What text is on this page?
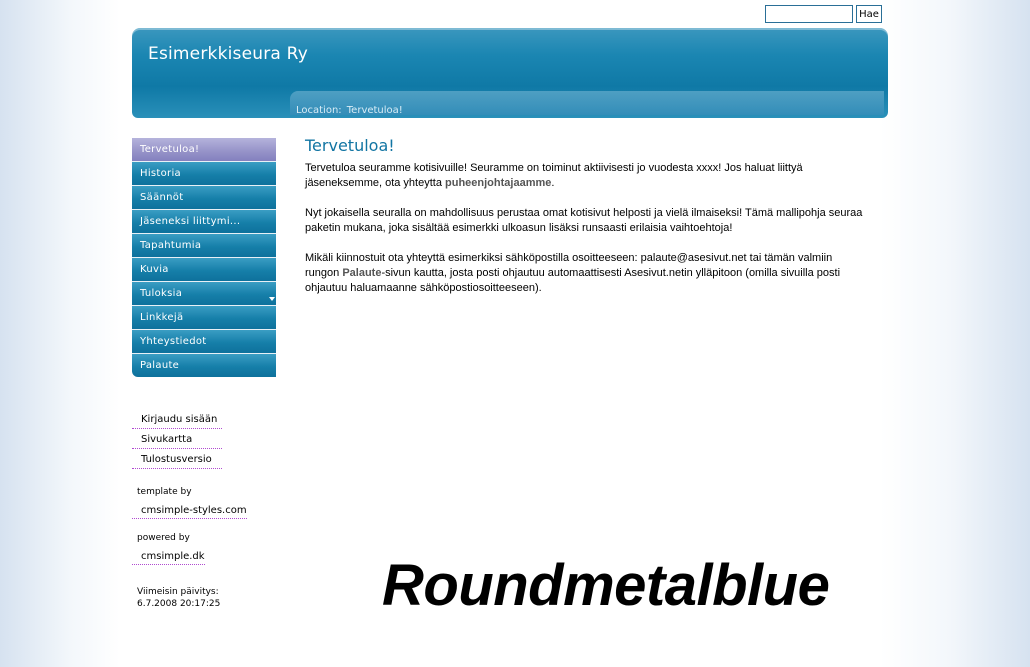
Hae
Esimerkkiseura Ry
Location: Tervetuloa!
Tervetuloa!
Historia
Säännöt
Jäseneksi liittymi...
Tapahtumia
Kuvia
Tuloksia
Linkkejä
Yhteystiedot
Palaute
Kirjaudu sisään
Sivukartta
Tulostusversio
template by
cmsimple-styles.com
powered by
cmsimple.dk
Viimeisin päivitys:
6.7.2008 20:17:25
Tervetuloa!

Tervetuloa seuramme kotisivuille! Seuramme on toiminut aktiivisesti jo vuodesta xxxx! Jos haluat liittyä jäseneksemme, ota yhteytta puheenjohtajaamme.

Nyt jokaisella seuralla on mahdollisuus perustaa omat kotisivut helposti ja vielä ilmaiseksi! Tämä mallipohja seuraa paketin mukana, joka sisältää esimerkki ulkoasun lisäksi runsaasti erilaisia vaihtoehtoja!

Mikäli kiinnostuit ota yhteyttä esimerkiksi sähköpostilla osoitteeseen: palaute@asesivut.net tai tämän valmiin rungon Palaute-sivun kautta, josta posti ohjautuu automaattisesti Asesivut.netin ylläpitoon (omilla sivuilla posti ohjautuu haluamaanne sähköpostiosoitteeseen).

Roundmetalblue
